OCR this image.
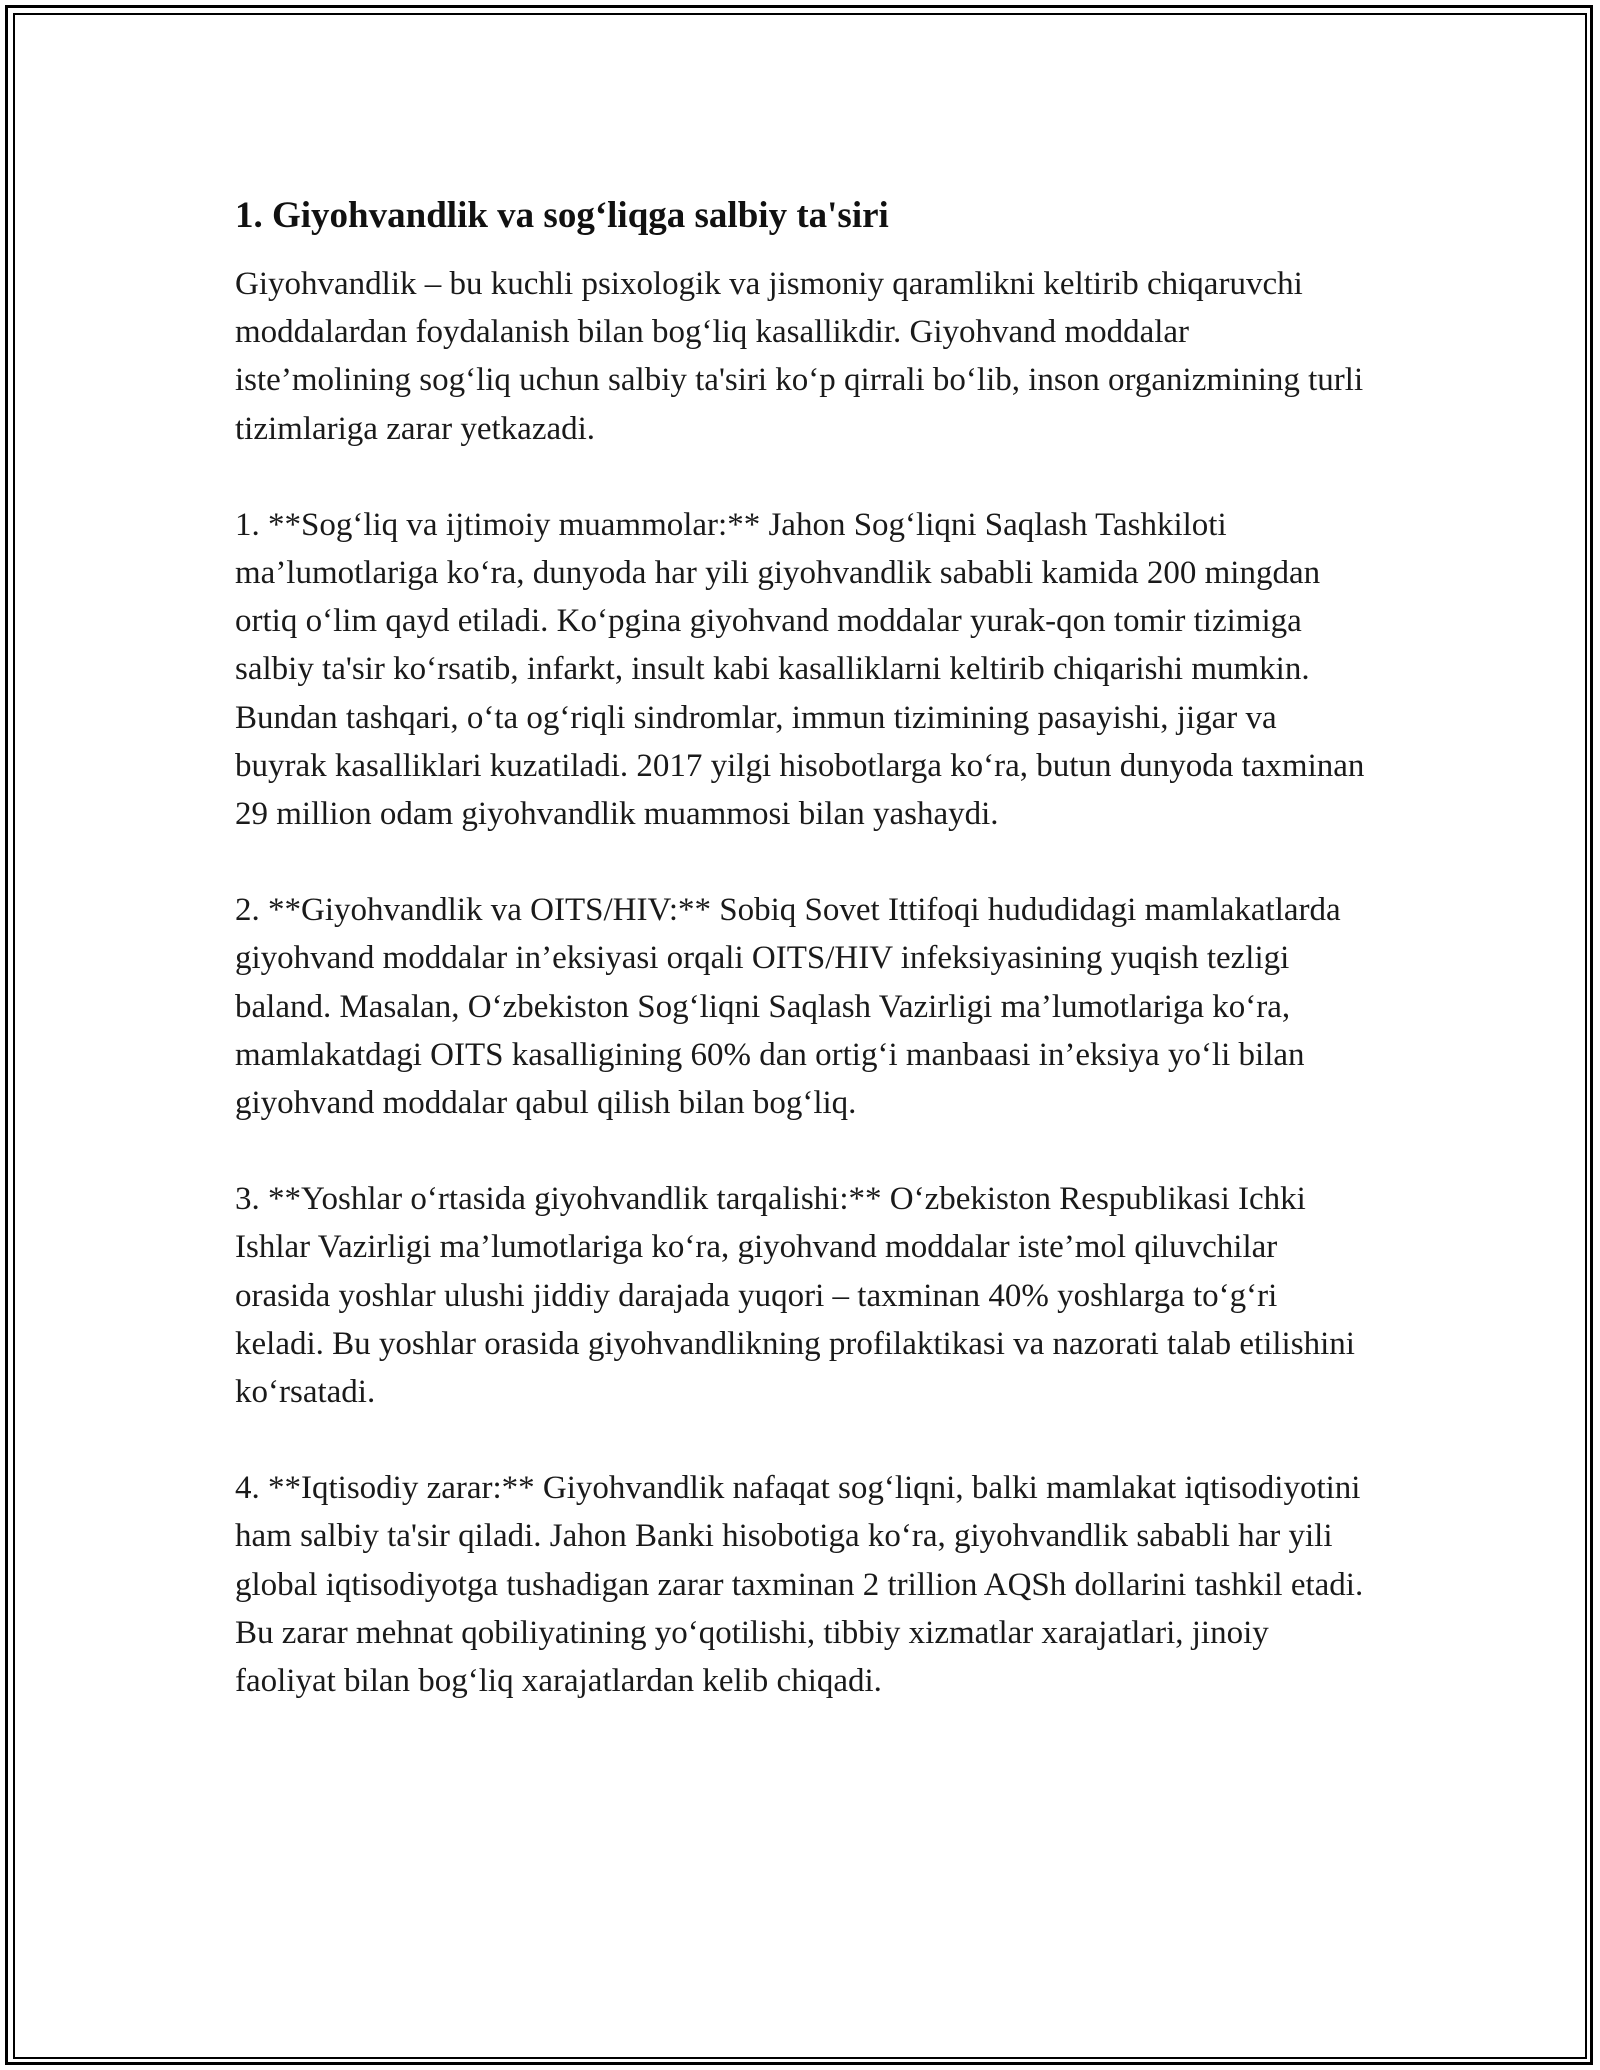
1. Giyohvandlik va sog‘liqga salbiy ta'siri

Giyohvandlik – bu kuchli psixologik va jismoniy qaramlikni keltirib chiqaruvchi moddalardan foydalanish bilan bog‘liq kasallikdir. Giyohvand moddalar iste’molining sog‘liq uchun salbiy ta'siri ko‘p qirrali bo‘lib, inson organizmining turli tizimlariga zarar yetkazadi.

1. **Sog‘liq va ijtimoiy muammolar:** Jahon Sog‘liqni Saqlash Tashkiloti ma’lumotlariga ko‘ra, dunyoda har yili giyohvandlik sababli kamida 200 mingdan ortiq o‘lim qayd etiladi. Ko‘pgina giyohvand moddalar yurak-qon tomir tizimiga salbiy ta'sir ko‘rsatib, infarkt, insult kabi kasalliklarni keltirib chiqarishi mumkin. Bundan tashqari, o‘ta og‘riqli sindromlar, immun tizimining pasayishi, jigar va buyrak kasalliklari kuzatiladi. 2017 yilgi hisobotlarga ko‘ra, butun dunyoda taxminan 29 million odam giyohvandlik muammosi bilan yashaydi.

2. **Giyohvandlik va OITS/HIV:** Sobiq Sovet Ittifoqi hududidagi mamlakatlarda giyohvand moddalar in’eksiyasi orqali OITS/HIV infeksiyasining yuqish tezligi baland. Masalan, O‘zbekiston Sog‘liqni Saqlash Vazirligi ma’lumotlariga ko‘ra, mamlakatdagi OITS kasalligining 60% dan ortig‘i manbaasi in’eksiya yo‘li bilan giyohvand moddalar qabul qilish bilan bog‘liq.

3. **Yoshlar o‘rtasida giyohvandlik tarqalishi:** O‘zbekiston Respublikasi Ichki Ishlar Vazirligi ma’lumotlariga ko‘ra, giyohvand moddalar iste’mol qiluvchilar orasida yoshlar ulushi jiddiy darajada yuqori – taxminan 40% yoshlarga to‘g‘ri keladi. Bu yoshlar orasida giyohvandlikning profilaktikasi va nazorati talab etilishini ko‘rsatadi.

4. **Iqtisodiy zarar:** Giyohvandlik nafaqat sog‘liqni, balki mamlakat iqtisodiyotini ham salbiy ta'sir qiladi. Jahon Banki hisobotiga ko‘ra, giyohvandlik sababli har yili global iqtisodiyotga tushadigan zarar taxminan 2 trillion AQSh dollarini tashkil etadi. Bu zarar mehnat qobiliyatining yo‘qotilishi, tibbiy xizmatlar xarajatlari, jinoiy faoliyat bilan bog‘liq xarajatlardan kelib chiqadi.
